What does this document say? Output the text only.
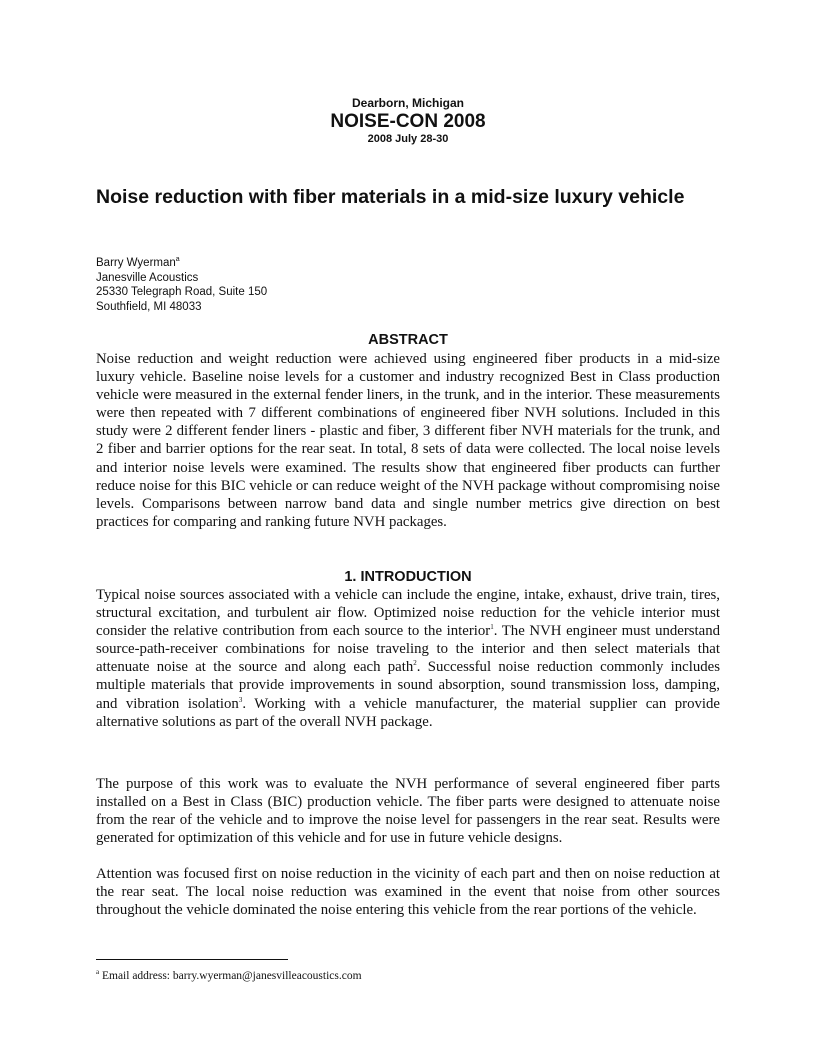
Dearborn, Michigan
NOISE-CON 2008
2008 July 28-30
Noise reduction with fiber materials in a mid-size luxury vehicle
Barry Wyerman$^a$
Janesville Acoustics
25330 Telegraph Road, Suite 150
Southfield, MI 48033
ABSTRACT

Noise reduction and weight reduction were achieved using engineered fiber products in a mid-size luxury vehicle. Baseline noise levels for a customer and industry recognized Best in Class production vehicle were measured in the external fender liners, in the trunk, and in the interior. These measurements were then repeated with 7 different combinations of engineered fiber NVH solutions. Included in this study were 2 different fender liners - plastic and fiber, 3 different fiber NVH materials for the trunk, and 2 fiber and barrier options for the rear seat. In total, 8 sets of data were collected. The local noise levels and interior noise levels were examined. The results show that engineered fiber products can further reduce noise for this BIC vehicle or can reduce weight of the NVH package without compromising noise levels. Comparisons between narrow band data and single number metrics give direction on best practices for comparing and ranking future NVH packages.

1. INTRODUCTION

Typical noise sources associated with a vehicle can include the engine, intake, exhaust, drive train, tires, structural excitation, and turbulent air flow. Optimized noise reduction for the vehicle interior must consider the relative contribution from each source to the interior$^1$. The NVH engineer must understand source-path-receiver combinations for noise traveling to the interior and then select materials that attenuate noise at the source and along each path$^2$. Successful noise reduction commonly includes multiple materials that provide improvements in sound absorption, sound transmission loss, damping, and vibration isolation$^3$. Working with a vehicle manufacturer, the material supplier can provide alternative solutions as part of the overall NVH package.

The purpose of this work was to evaluate the NVH performance of several engineered fiber parts installed on a Best in Class (BIC) production vehicle. The fiber parts were designed to attenuate noise from the rear of the vehicle and to improve the noise level for passengers in the rear seat. Results were generated for optimization of this vehicle and for use in future vehicle designs.

Attention was focused first on noise reduction in the vicinity of each part and then on noise reduction at the rear seat. The local noise reduction was examined in the event that noise from other sources throughout the vehicle dominated the noise entering this vehicle from the rear portions of the vehicle.

$^a$ Email address: barry.wyerman@janesvilleacoustics.com
